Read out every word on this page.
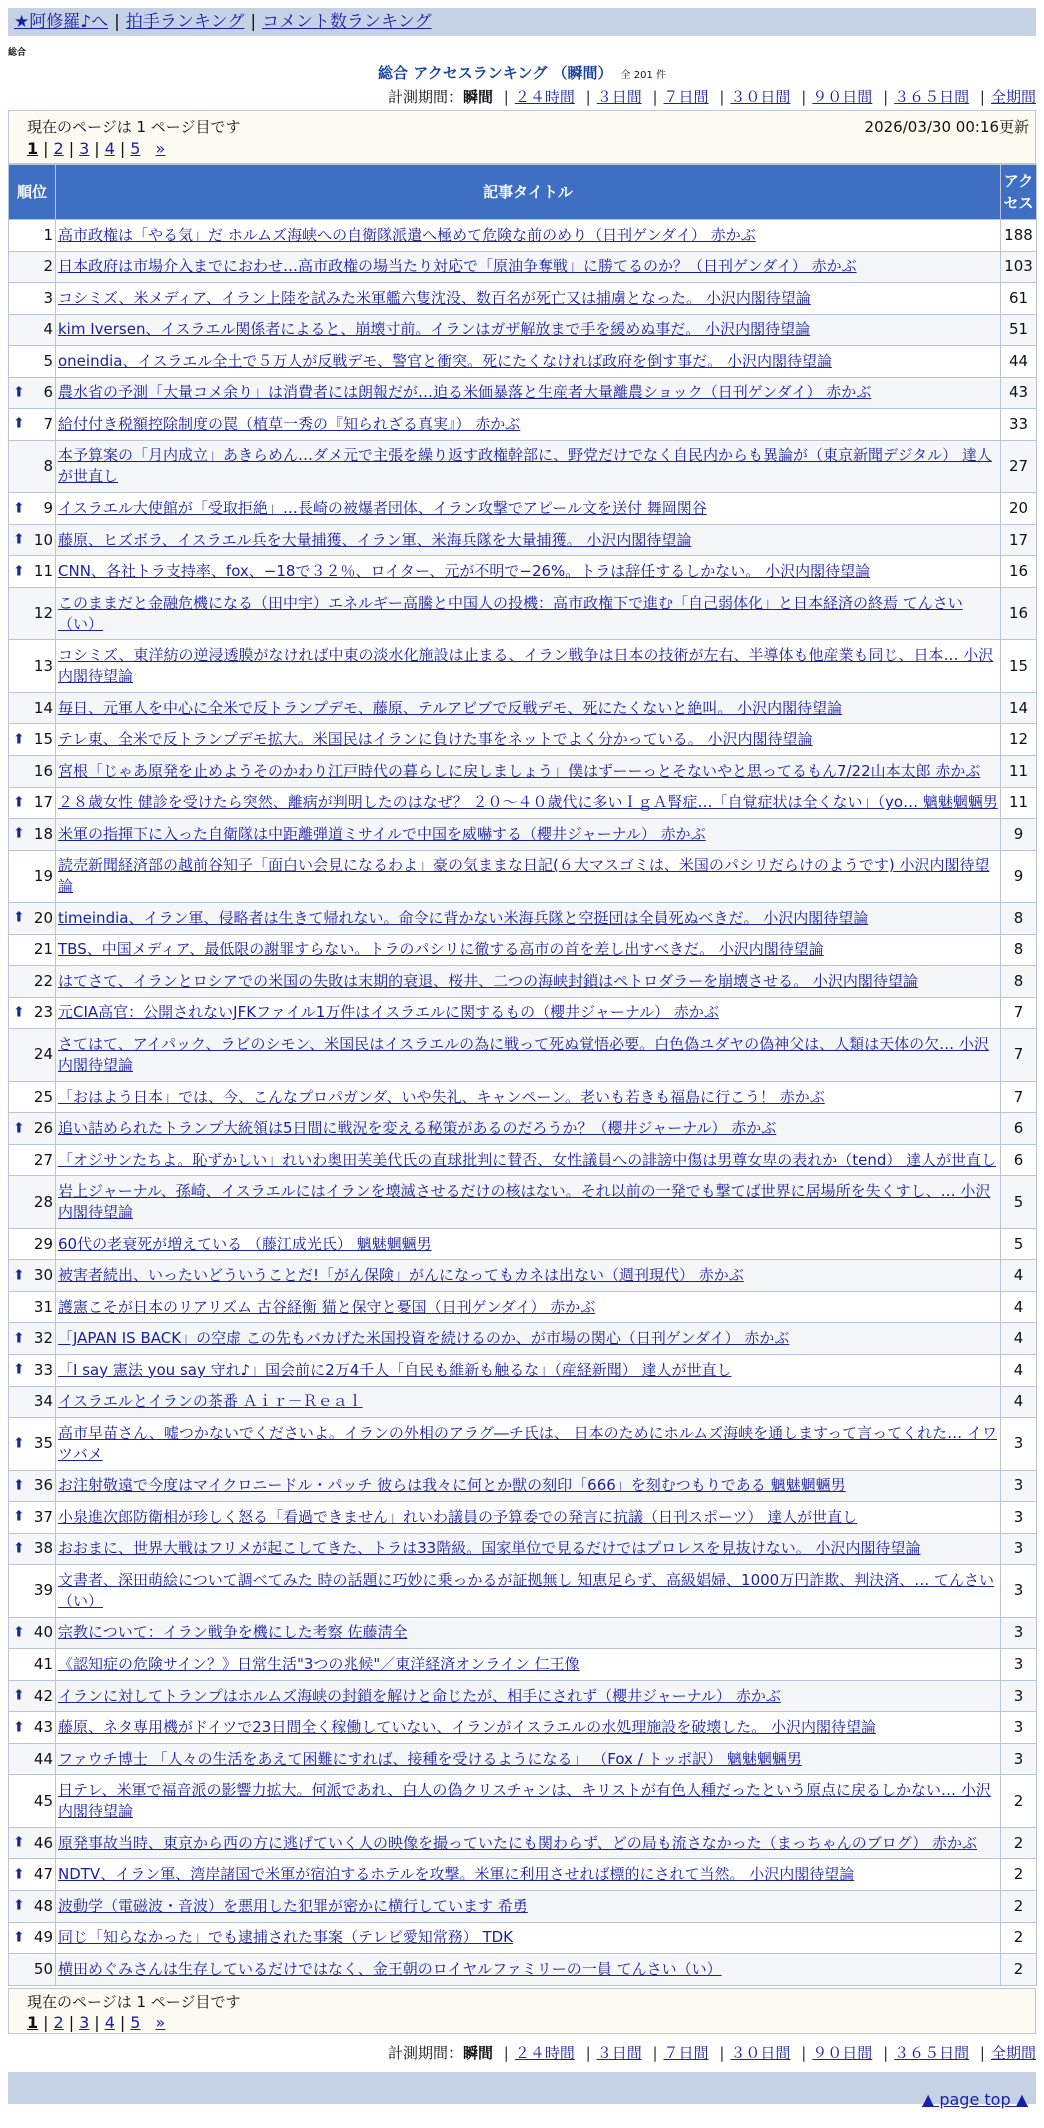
★阿修羅♪へ | 拍手ランキング | コメント数ランキング
総合
総合 アクセスランキング （瞬間） 全 201 件
計測期間：瞬間 | ２４時間 | ３日間 | ７日間 | ３０日間 | ９０日間 | ３６５日間 | 全期間
現在のページは 1 ページ目です	2026/03/30 00:16更新
1 | 2 | 3 | 4 | 5 »
順位	記事タイトル	アクセス
1	高市政権は「やる気」だ ホルムズ海峡への自衛隊派遣へ極めて危険な前のめり（日刊ゲンダイ） 赤かぶ	188
2	日本政府は市場介入までにおわせ…高市政権の場当たり対応で「原油争奪戦」に勝てるのか？（日刊ゲンダイ） 赤かぶ	103
3	コシミズ、米メディア、イラン上陸を試みた米軍艦六隻沈没、数百名が死亡又は捕虜となった。 小沢内閣待望論	61
4	kim Iversen、イスラエル関係者によると、崩壊寸前。イランはガザ解放まで手を緩めぬ事だ。 小沢内閣待望論	51
5	oneindia、イスラエル全土で５万人が反戦デモ、警官と衝突。死にたくなければ政府を倒す事だ。 小沢内閣待望論	44

⬆ 6	農水省の予測「大量コメ余り」は消費者には朗報だが…迫る米価暴落と生産者大量離農ショック（日刊ゲンダイ） 赤かぶ	43

⬆ 7	給付付き税額控除制度の罠（植草一秀の『知られざる真実』） 赤かぶ	33
8	本予算案の「月内成立」あきらめん…ダメ元で主張を繰り返す政権幹部に、野党だけでなく自民内からも異論が（東京新聞デジタル） 達人が世直し	27

⬆ 9	イスラエル大使館が「受取拒絶」…長崎の被爆者団体、イラン攻撃でアピール文を送付 舞岡関谷	20

⬆ 10	藤原、ヒズボラ、イスラエル兵を大量捕獲、イラン軍、米海兵隊を大量捕獲。 小沢内閣待望論	17

⬆ 11	CNN、各社トラ支持率、fox、−18で３２％、ロイター、元が不明で−26%。トラは辞任するしかない。 小沢内閣待望論	16
12	このままだと金融危機になる（田中宇）エネルギー高騰と中国人の投機：高市政権下で進む「自己弱体化」と日本経済の終焉 てんさい（い）	16
13	コシミズ、東洋紡の逆浸透膜がなければ中東の淡水化施設は止まる、イラン戦争は日本の技術が左右、半導体も他産業も同じ、日本… 小沢内閣待望論	15
14	毎日、元軍人を中心に全米で反トランプデモ、藤原、テルアビブで反戦デモ、死にたくないと絶叫。 小沢内閣待望論	14

⬆ 15	テレ東、全米で反トランプデモ拡大。米国民はイランに負けた事をネットでよく分かっている。 小沢内閣待望論	12
16	宮根「じゃあ原発を止めようそのかわり江戸時代の暮らしに戻しましょう」僕はずーーっとそないやと思ってるもん7/22山本太郎 赤かぶ	11

⬆ 17	２８歳女性 健診を受けたら突然、離病が判明したのはなぜ？ ２０～４０歳代に多いＩｇＡ腎症…「自覚症状は全くない」（yo… 魑魅魍魎男	11

⬆ 18	米軍の指揮下に入った自衛隊は中距離弾道ミサイルで中国を威嚇する（櫻井ジャーナル） 赤かぶ	9
19	読売新聞経済部の越前谷知子「面白い会見になるわよ」豪の気ままな日記(６大マスゴミは、米国のパシリだらけのようです) 小沢内閣待望論	9

⬆ 20	timeindia、イラン軍、侵略者は生きて帰れない。命令に背かない米海兵隊と空挺団は全員死ぬべきだ。 小沢内閣待望論	8
21	TBS、中国メディア、最低限の謝罪すらない。トラのパシリに徹する高市の首を差し出すべきだ。 小沢内閣待望論	8
22	はてさて、イランとロシアでの米国の失敗は末期的衰退、桜井、二つの海峡封鎖はペトロダラーを崩壊させる。 小沢内閣待望論	8

⬆ 23	元CIA高官：公開されないJFKファイル1万件はイスラエルに関するもの（櫻井ジャーナル） 赤かぶ	7
24	さてはて、アイパック、ラビのシモン、米国民はイスラエルの為に戦って死ぬ覚悟必要。白色偽ユダヤの偽神父は、人類は天体の欠… 小沢内閣待望論	7
25	「おはよう日本」では、今、こんなプロパガンダ、いや失礼、キャンペーン。老いも若きも福島に行こう！ 赤かぶ	7

⬆ 26	追い詰められたトランプ大統領は5日間に戦況を変える秘策があるのだろうか？（櫻井ジャーナル） 赤かぶ	6
27	「オジサンたちよ。恥ずかしい」れいわ奥田芙美代氏の直球批判に賛否、女性議員への誹謗中傷は男尊女卑の表れか（tend） 達人が世直し	6
28	岩上ジャーナル、孫崎、イスラエルにはイランを壊滅させるだけの核はない。それ以前の一発でも撃てば世界に居場所を失くすし、… 小沢内閣待望論	5
29	60代の老衰死が増えている （藤江成光氏） 魑魅魍魎男	5

⬆ 30	被害者続出、いったいどういうことだ!「がん保険」がんになってもカネは出ない（週刊現代） 赤かぶ	4
31	護憲こそが日本のリアリズム 古谷経衡 猫と保守と憂国（日刊ゲンダイ） 赤かぶ	4

⬆ 32	「JAPAN IS BACK」の空虚 この先もバカげた米国投資を続けるのか、が市場の関心（日刊ゲンダイ） 赤かぶ	4

⬆ 33	「I say 憲法 you say 守れ♪」国会前に2万4千人「自民も維新も触るな」（産経新聞） 達人が世直し	4
34	イスラエルとイランの茶番 Ａｉｒ－Ｒｅａｌ	4

⬆ 35	高市早苗さん、嘘つかないでくださいよ。イランの外相のアラグ―チ氏は、 日本のためにホルムズ海峡を通しますって言ってくれた… イワツバメ	3

⬆ 36	お注射敬遠で今度はマイクロニードル・パッチ 彼らは我々に何とか獣の刻印「666」を刻むつもりである 魑魅魍魎男	3

⬆ 37	小泉進次郎防衛相が珍しく怒る「看過できません」れいわ議員の予算委での発言に抗議（日刊スポーツ） 達人が世直し	3

⬆ 38	おおまに、世界大戦はフリメが起こしてきた、トラは33階級。国家単位で見るだけではプロレスを見抜けない。 小沢内閣待望論	3
39	文書者、深田萌絵について調べてみた 時の話題に巧妙に乗っかるが証拠無し 知恵足らず、高級娼婦、1000万円詐欺、判決済、… てんさい（い）	3

⬆ 40	宗教について：イラン戦争を機にした考察 佐藤淸全	3
41	《認知症の危険サイン？》日常生活"3つの兆候"／東洋経済オンライン 仁王像	3

⬆ 42	イランに対してトランプはホルムズ海峡の封鎖を解けと命じたが、相手にされず（櫻井ジャーナル） 赤かぶ	3

⬆ 43	藤原、ネタ専用機がドイツで23日間全く稼働していない、イランがイスラエルの水処理施設を破壊した。 小沢内閣待望論	3
44	ファウチ博士 「人々の生活をあえて困難にすれば、接種を受けるようになる」 （Fox / トッポ訳） 魑魅魍魎男	3
45	日テレ、米軍で福音派の影響力拡大。何派であれ、白人の偽クリスチャンは、キリストが有色人種だったという原点に戻るしかない… 小沢内閣待望論	2

⬆ 46	原発事故当時、東京から西の方に逃げていく人の映像を撮っていたにも関わらず、どの局も流さなかった（まっちゃんのブログ） 赤かぶ	2

⬆ 47	NDTV、イラン軍、湾岸諸国で米軍が宿泊するホテルを攻撃。米軍に利用させれば標的にされて当然。 小沢内閣待望論	2

⬆ 48	波動学（電磁波・音波）を悪用した犯罪が密かに横行しています 希勇	2

⬆ 49	同じ「知らなかった」でも逮捕された事案（テレビ愛知常務） TDK	2
50	横田めぐみさんは生存しているだけではなく、金王朝のロイヤルファミリーの一員 てんさい（い）	2
現在のページは 1 ページ目です
1 | 2 | 3 | 4 | 5 »
計測期間：瞬間 | ２４時間 | ３日間 | ７日間 | ３０日間 | ９０日間 | ３６５日間 | 全期間
▲ page top ▲
